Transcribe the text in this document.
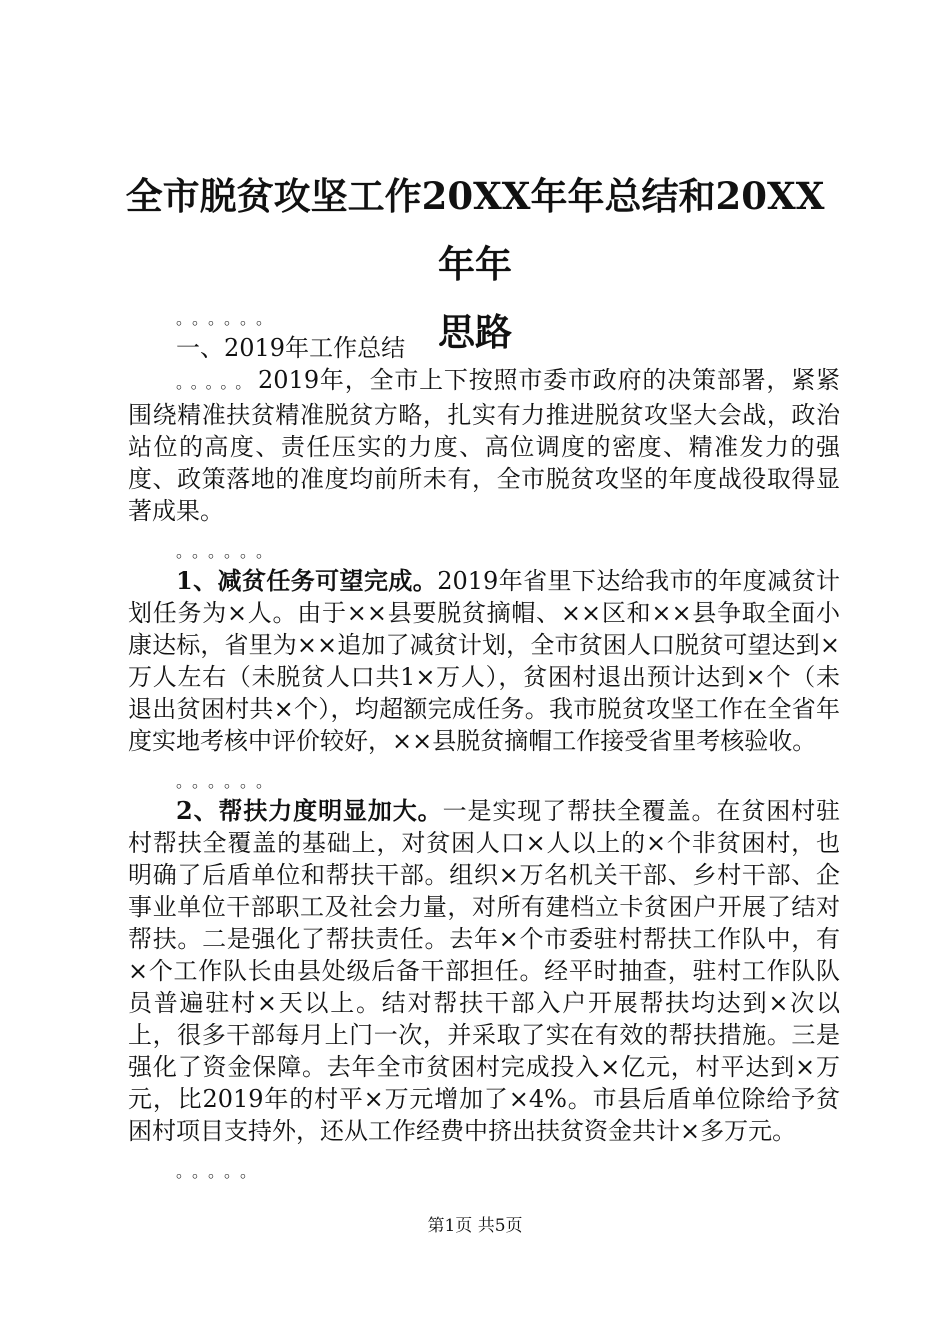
全市脱贫攻坚工作20XX年年总结和20XX年年
思路
。。。。。。
一、2019年工作总结

。。。。。2019年，全市上下按照市委市政府的决策部署，紧紧围绕精准扶贫精准脱贫方略，扎实有力推进脱贫攻坚大会战，政治站位的高度、责任压实的力度、高位调度的密度、精准发力的强度、政策落地的准度均前所未有，全市脱贫攻坚的年度战役取得显著成果。

。。。。。。

1、减贫任务可望完成。2019年省里下达给我市的年度减贫计划任务为×人。由于××县要脱贫摘帽、××区和××县争取全面小康达标，省里为××追加了减贫计划，全市贫困人口脱贫可望达到×万人左右（未脱贫人口共1×万人），贫困村退出预计达到×个（未退出贫困村共×个），均超额完成任务。我市脱贫攻坚工作在全省年度实地考核中评价较好，××县脱贫摘帽工作接受省里考核验收。

。。。。。。

2、帮扶力度明显加大。一是实现了帮扶全覆盖。在贫困村驻村帮扶全覆盖的基础上，对贫困人口×人以上的×个非贫困村，也明确了后盾单位和帮扶干部。组织×万名机关干部、乡村干部、企事业单位干部职工及社会力量，对所有建档立卡贫困户开展了结对帮扶。二是强化了帮扶责任。去年×个市委驻村帮扶工作队中，有×个工作队长由县处级后备干部担任。经平时抽查，驻村工作队队员普遍驻村×天以上。结对帮扶干部入户开展帮扶均达到×次以上，很多干部每月上门一次，并采取了实在有效的帮扶措施。三是强化了资金保障。去年全市贫困村完成投入×亿元，村平达到×万元，比2019年的村平×万元增加了×4%。市县后盾单位除给予贫困村项目支持外，还从工作经费中挤出扶贫资金共计×多万元。

。。。。。
第1页 共5页
